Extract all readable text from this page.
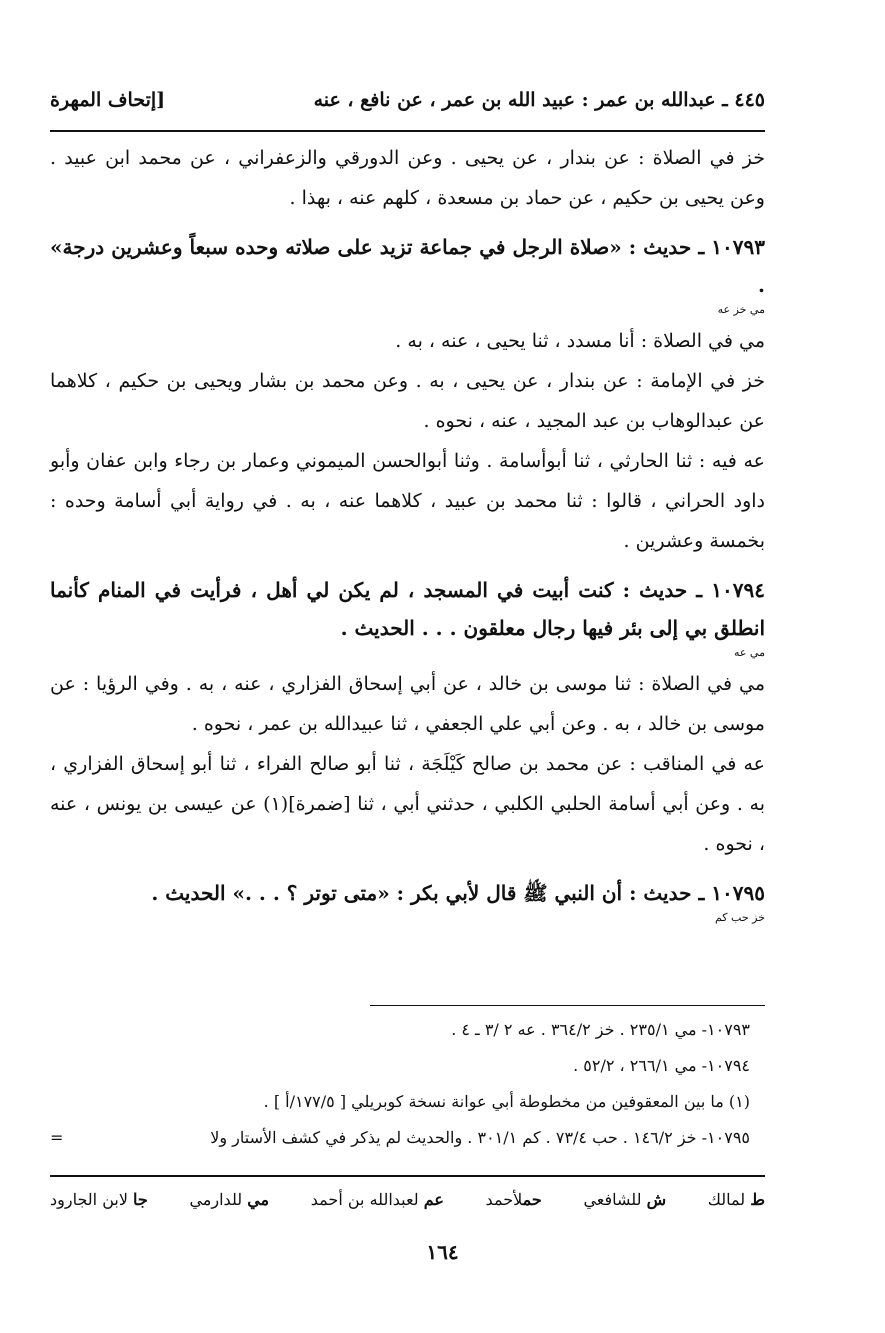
٤٤٥ ـ عبدالله بن عمر : عبيد الله بن عمر ، عن نافع ، عنه
[إتحاف المهرة

خز في الصلاة : عن بندار ، عن يحيى . وعن الدورقي والزعفراني ، عن محمد ابن عبيد . وعن يحيى بن حكيم ، عن حماد بن مسعدة ، كلهم عنه ، بهذا .

١٠٧٩٣ ـ حديث : «صلاة الرجل في جماعة تزيد على صلاته وحده سبعاً وعشرين درجة» .
مي خز عه

مي في الصلاة : أنا مسدد ، ثنا يحيى ، عنه ، به .

خز في الإمامة : عن بندار ، عن يحيى ، به . وعن محمد بن بشار ويحيى بن حكيم ، كلاهما عن عبدالوهاب بن عبد المجيد ، عنه ، نحوه .

عه فيه : ثنا الحارثي ، ثنا أبوأسامة . وثنا أبوالحسن الميموني وعمار بن رجاء وابن عفان وأبو داود الحراني ، قالوا : ثنا محمد بن عبيد ، كلاهما عنه ، به . في رواية أبي أسامة وحده : بخمسة وعشرين .

١٠٧٩٤ ـ حديث : كنت أبيت في المسجد ، لم يكن لي أهل ، فرأيت في المنام كأنما انطلق بي إلى بئر فيها رجال معلقون . . . الحديث .
مي عه

مي في الصلاة : ثنا موسى بن خالد ، عن أبي إسحاق الفزاري ، عنه ، به . وفي الرؤيا : عن موسى بن خالد ، به . وعن أبي علي الجعفي ، ثنا عبيدالله بن عمر ، نحوه .

عه في المناقب : عن محمد بن صالح كَيْلَجَة ، ثنا أبو صالح الفراء ، ثنا أبو إسحاق الفزاري ، به . وعن أبي أسامة الحلبي الكلبي ، حدثني أبي ، ثنا [ضمرة](١) عن عيسى بن يونس ، عنه ، نحوه .

١٠٧٩٥ ـ حديث : أن النبي ﷺ قال لأبي بكر : «متى توتر ؟ . . .» الحديث .
خز حب كم
١٠٧٩٣- مي ٢٣٥/١ . خز ٣٦٤/٢ . عه ٢ /٣ ـ ٤ .
١٠٧٩٤- مي ٢٦٦/١ ، ٥٢/٢ .
(١) ما بين المعقوفين من مخطوطة أبي عوانة نسخة كوبريلي [ ١٧٧/٥/أ ] .
١٠٧٩٥- خز ١٤٦/٢ . حب ٧٣/٤ . كم ٣٠١/١ . والحديث لم يذكر في كشف الأستار ولا
=
ط لمالك
ش للشافعي
حملأحمد
عم لعبدالله بن أحمد
مي للدارمي
جا لابن الجارود
١٦٤
